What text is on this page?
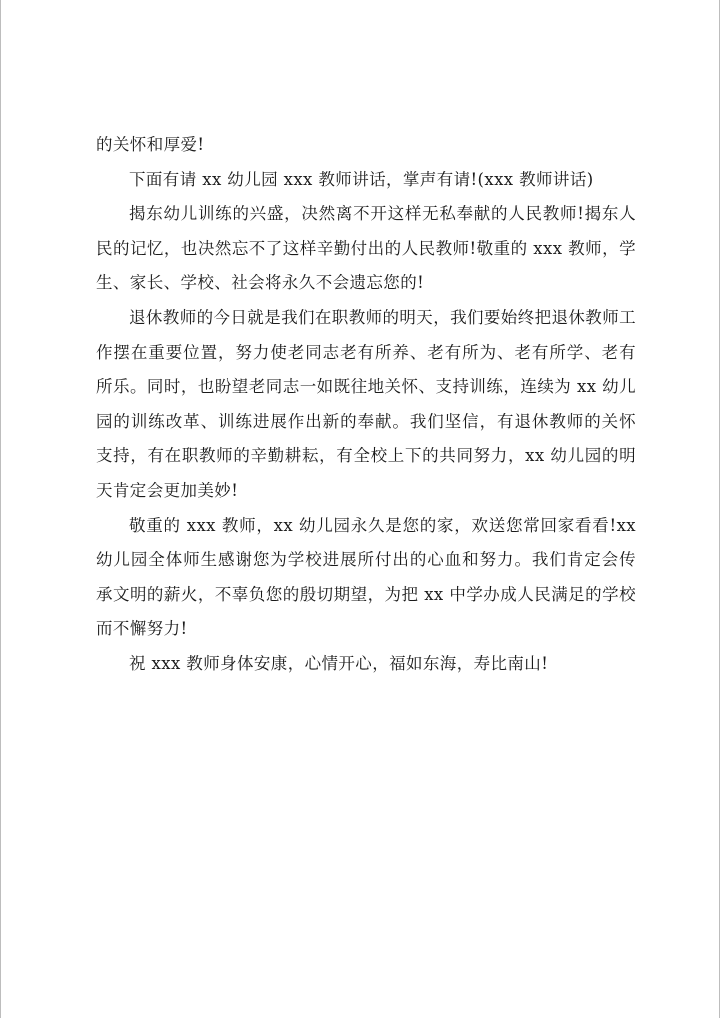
的关怀和厚爱!

下面有请 xx 幼儿园 xxx 教师讲话，掌声有请!(xxx 教师讲话)

揭东幼儿训练的兴盛，决然离不开这样无私奉献的人民教师!揭东人民的记忆，也决然忘不了这样辛勤付出的人民教师!敬重的 xxx 教师，学生、家长、学校、社会将永久不会遗忘您的!

退休教师的今日就是我们在职教师的明天，我们要始终把退休教师工作摆在重要位置，努力使老同志老有所养、老有所为、老有所学、老有所乐。同时，也盼望老同志一如既往地关怀、支持训练，连续为 xx 幼儿园的训练改革、训练进展作出新的奉献。我们坚信，有退休教师的关怀支持，有在职教师的辛勤耕耘，有全校上下的共同努力，xx 幼儿园的明天肯定会更加美妙!

敬重的 xxx 教师，xx 幼儿园永久是您的家，欢送您常回家看看!xx 幼儿园全体师生感谢您为学校进展所付出的心血和努力。我们肯定会传承文明的薪火，不辜负您的殷切期望，为把 xx 中学办成人民满足的学校而不懈努力!

祝 xxx 教师身体安康，心情开心，福如东海，寿比南山!
